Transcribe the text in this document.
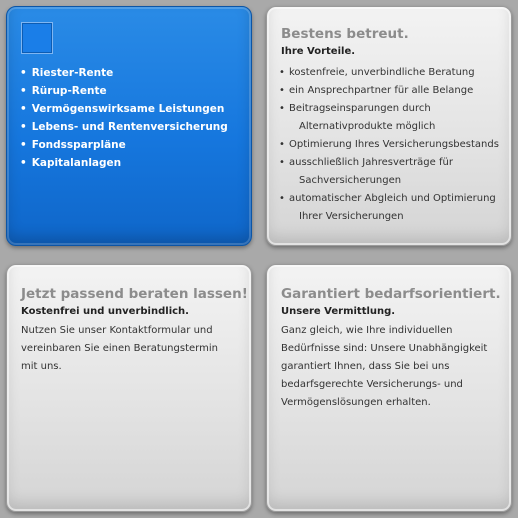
• Riester-Rente
• Rürup-Rente
• Vermögenswirksame Leistungen
• Lebens- und Rentenversicherung
• Fondssparpläne
• Kapitalanlagen
Bestens betreut.
Ihre Vorteile.
• kostenfreie, unverbindliche Beratung
• ein Ansprechpartner für alle Belange
• Beitragseinsparungen durch
Alternativprodukte möglich
• Optimierung Ihres Versicherungsbestands
• ausschließlich Jahresverträge für
Sachversicherungen
• automatischer Abgleich und Optimierung
Ihrer Versicherungen
Jetzt passend beraten lassen!
Kostenfrei und unverbindlich.

Nutzen Sie unser Kontaktformular und
vereinbaren Sie einen Beratungstermin
mit uns.

Garantiert bedarfsorientiert.
Unsere Vermittlung.

Ganz gleich, wie Ihre individuellen
Bedürfnisse sind: Unsere Unabhängigkeit
garantiert Ihnen, dass Sie bei uns
bedarfsgerechte Versicherungs- und
Vermögenslösungen erhalten.
